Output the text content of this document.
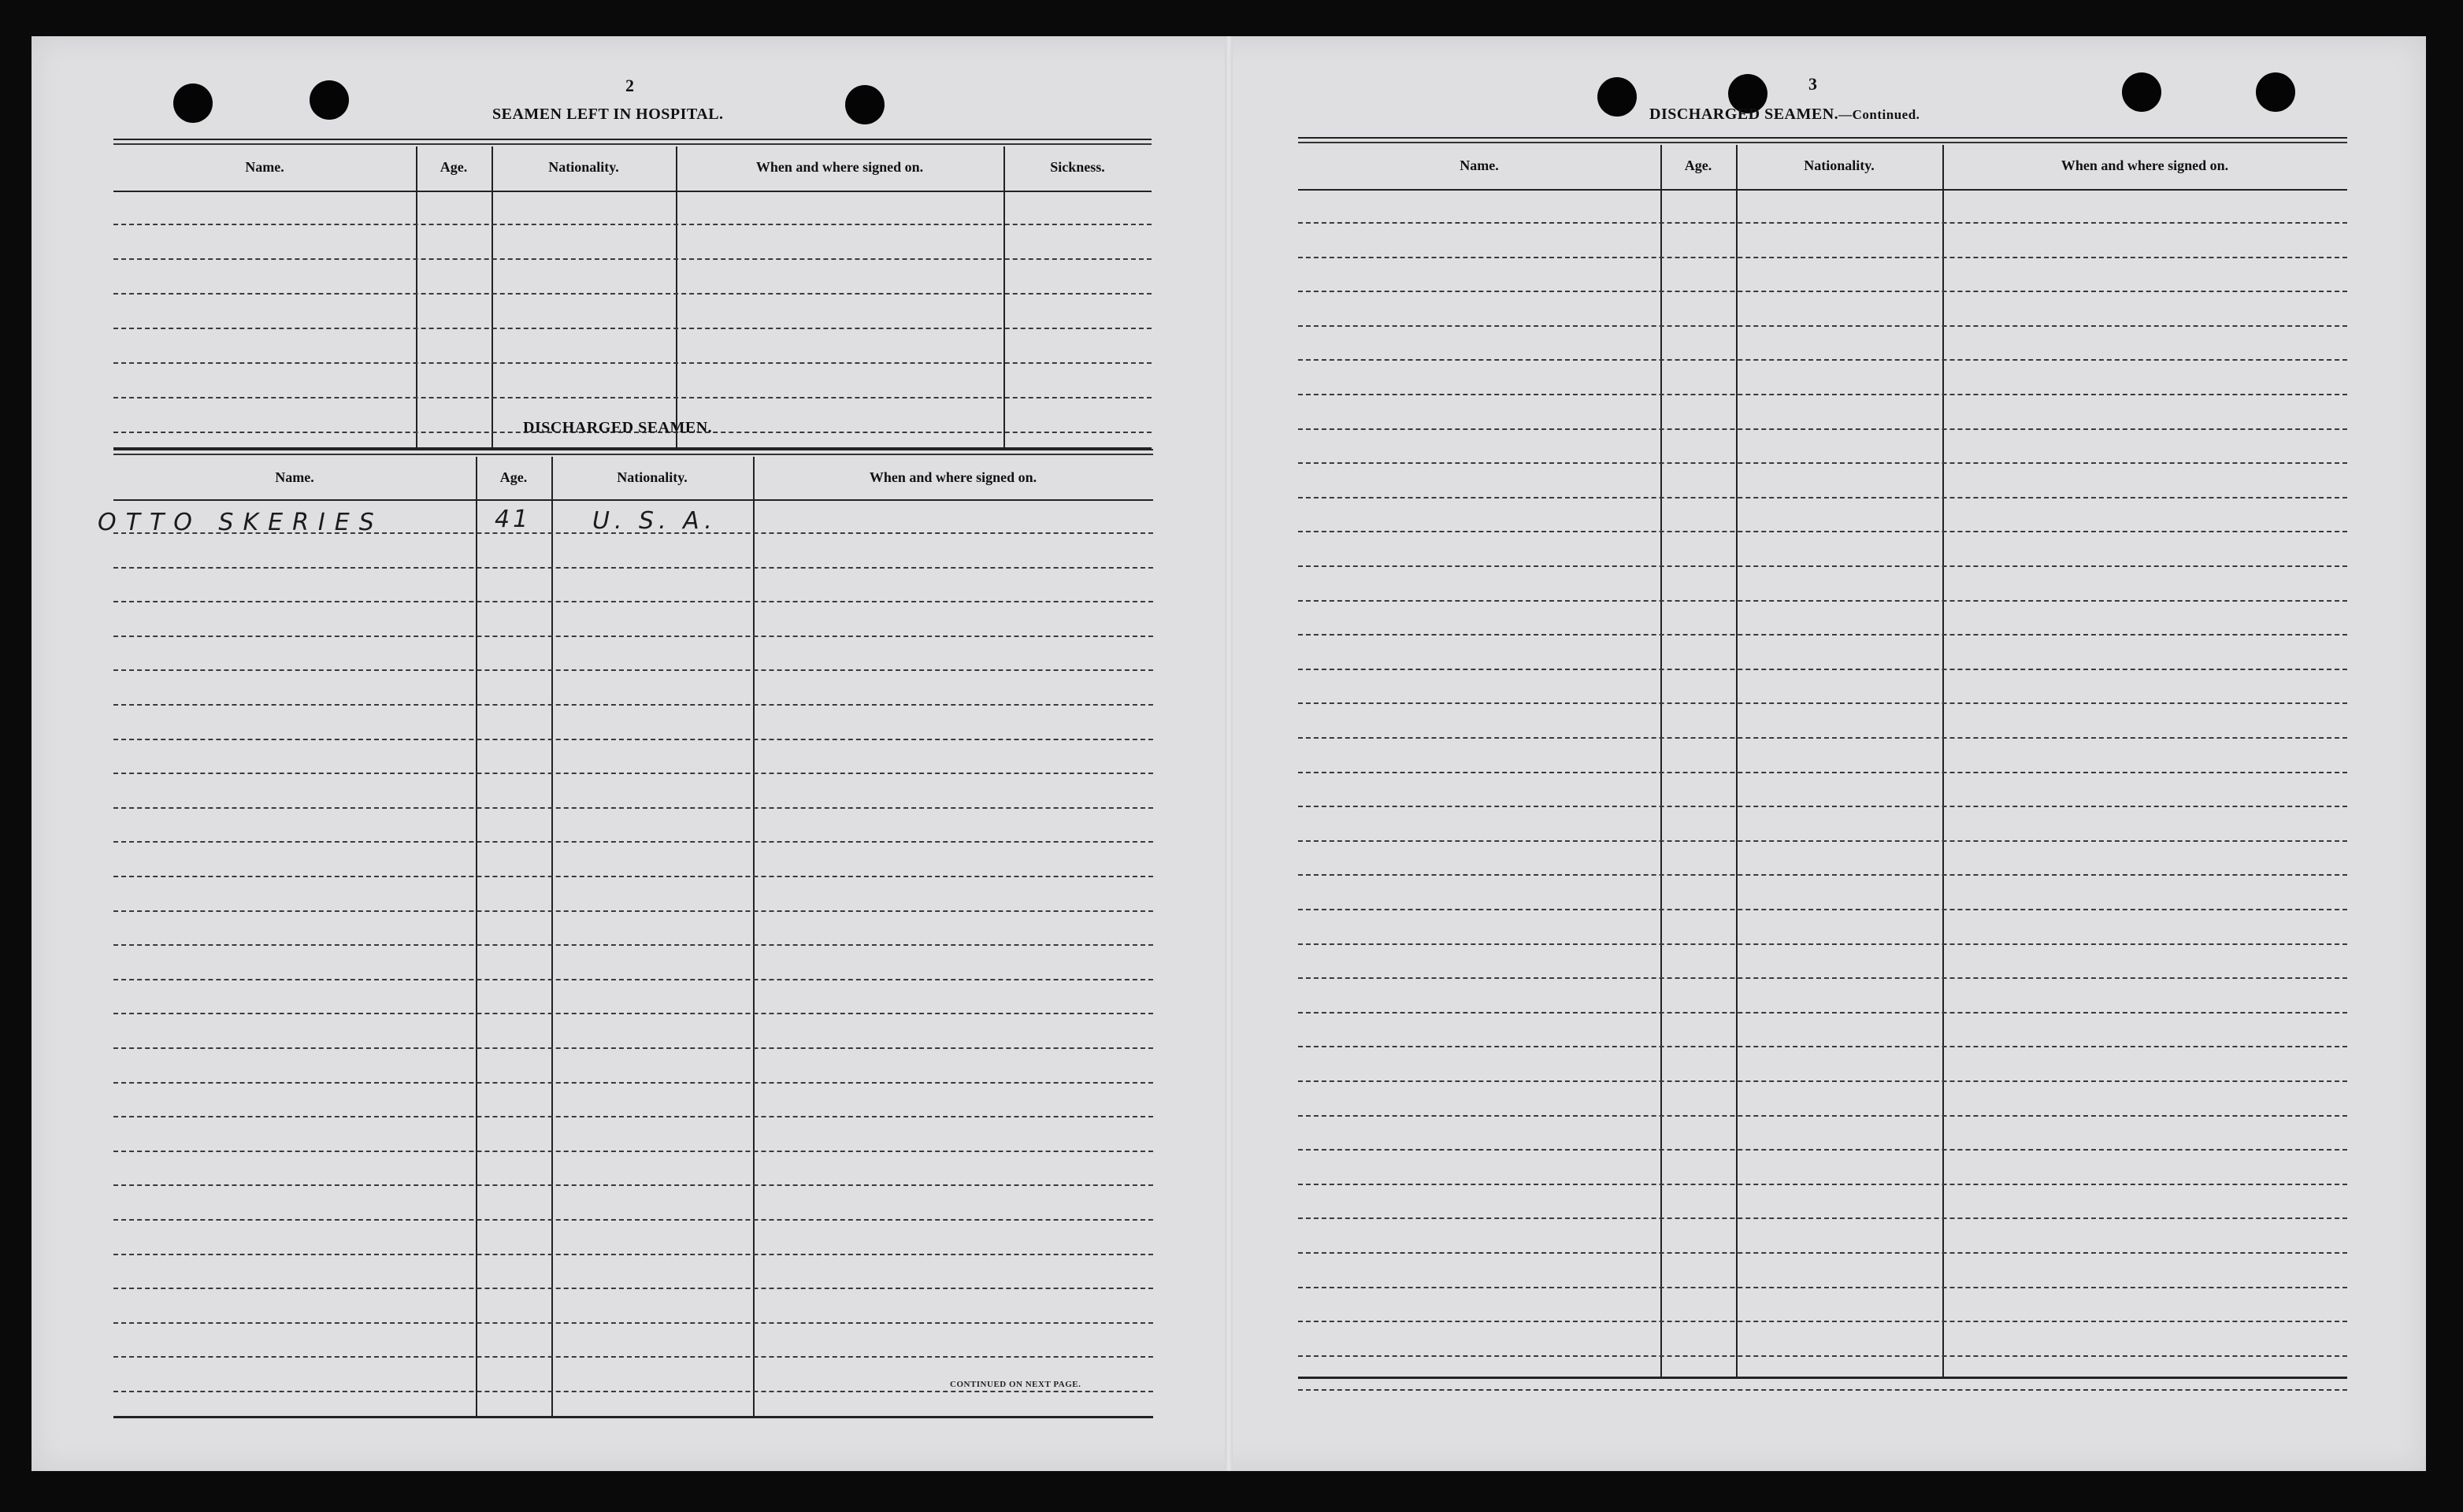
2
SEAMEN LEFT IN HOSPITAL.
Name.	Age.	Nationality.	When and where signed on.	Sickness.
DISCHARGED SEAMEN.
Name.	Age.	Nationality.	When and where signed on.
OTTO SKERIES	41	U. S. A.
CONTINUED ON NEXT PAGE.
3
DISCHARGED SEAMEN.—Continued.
Name.	Age.	Nationality.	When and where signed on.
